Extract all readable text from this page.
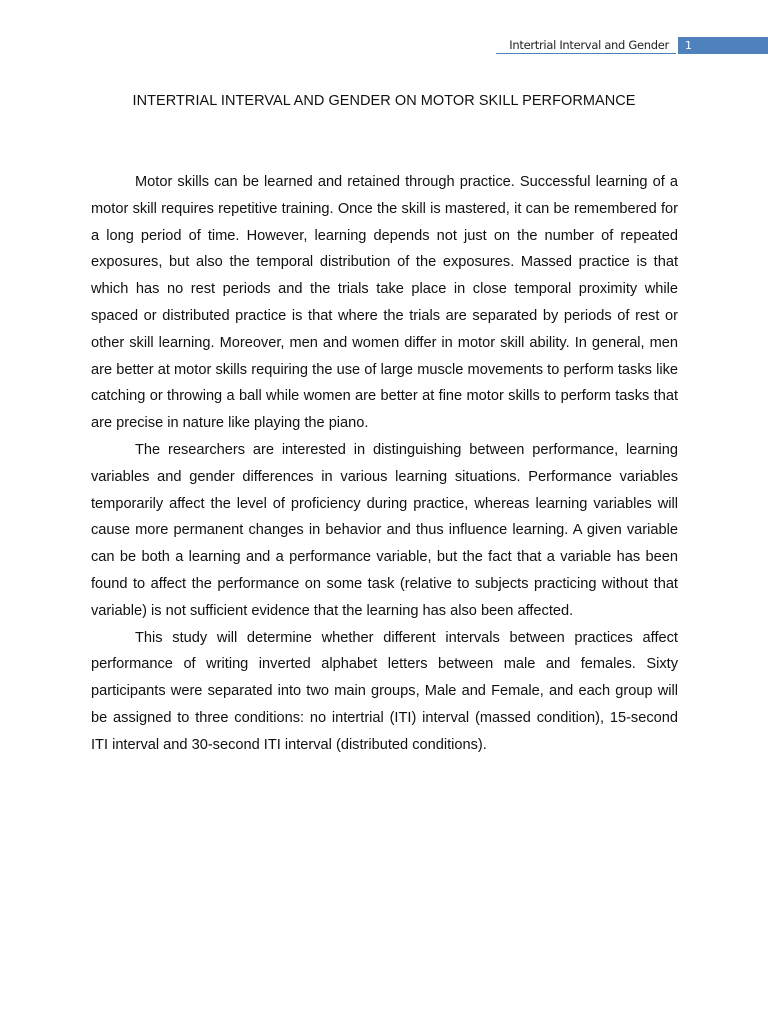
Intertrial Interval and Gender	1
INTERTRIAL INTERVAL AND GENDER ON MOTOR SKILL PERFORMANCE

Motor skills can be learned and retained through practice. Successful learning of a motor skill requires repetitive training. Once the skill is mastered, it can be remembered for a long period of time. However, learning depends not just on the number of repeated exposures, but also the temporal distribution of the exposures. Massed practice is that which has no rest periods and the trials take place in close temporal proximity while spaced or distributed practice is that where the trials are separated by periods of rest or other skill learning. Moreover, men and women differ in motor skill ability. In general, men are better at motor skills requiring the use of large muscle movements to perform tasks like catching or throwing a ball while women are better at fine motor skills to perform tasks that are precise in nature like playing the piano.

The researchers are interested in distinguishing between performance, learning variables and gender differences in various learning situations. Performance variables temporarily affect the level of proficiency during practice, whereas learning variables will cause more permanent changes in behavior and thus influence learning. A given variable can be both a learning and a performance variable, but the fact that a variable has been found to affect the performance on some task (relative to subjects practicing without that variable) is not sufficient evidence that the learning has also been affected.

This study will determine whether different intervals between practices affect performance of writing inverted alphabet letters between male and females. Sixty participants were separated into two main groups, Male and Female, and each group will be assigned to three conditions: no intertrial (ITI) interval (massed condition), 15-second ITI interval and 30-second ITI interval (distributed conditions).
